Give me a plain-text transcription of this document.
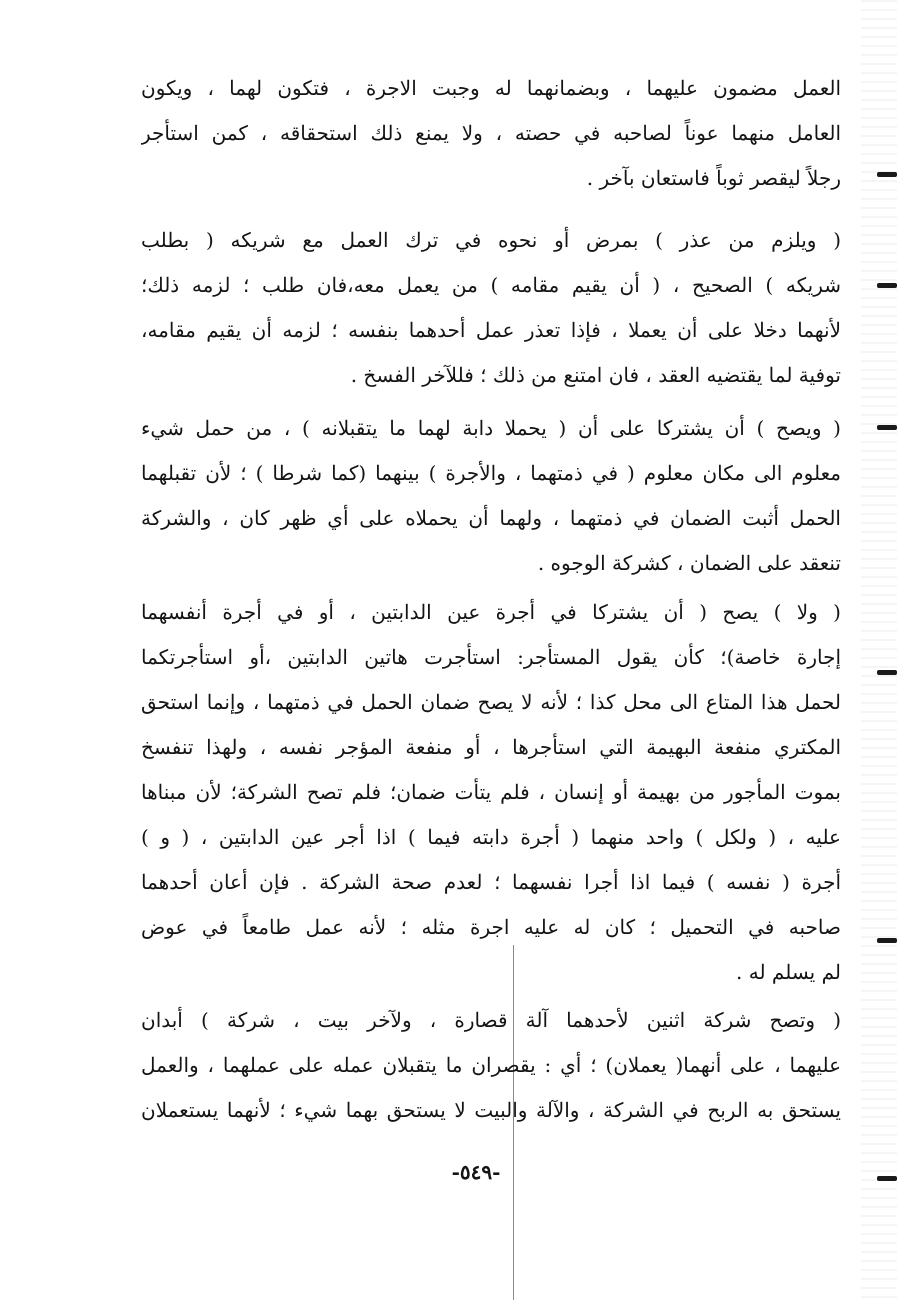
العمل مضمون عليهما ، وبضمانهما له وجبت الاجرة ، فتكون لهما ، ويكون
العامل منهما عوناً لصاحبه في حصته ، ولا يمنع ذلك استحقاقه ، كمن استأجر
رجلاً ليقصر ثوباً فاستعان بآخر .
( ويلزم من عذر ) بمرض أو نحوه في ترك العمل مع شريكه ( بطلب
شريكه ) الصحيح ، ( أن يقيم مقامه ) من يعمل معه،فان طلب ؛ لزمه ذلك؛
لأنهما دخلا على أن يعملا ، فإذا تعذر عمل أحدهما بنفسه ؛ لزمه أن يقيم مقامه،
توفية لما يقتضيه العقد ، فان امتنع من ذلك ؛ فللآخر الفسخ .
( ويصح ) أن يشتركا على أن ( يحملا دابة لهما ما يتقبلانه ) ، من حمل شيء
معلوم الى مكان معلوم ( في ذمتهما ، والأجرة ) بينهما (كما شرطا ) ؛ لأن تقبلهما
الحمل أثبت الضمان في ذمتهما ، ولهما أن يحملاه على أي ظهر كان ، والشركة
تنعقد على الضمان ، كشركة الوجوه .
( ولا ) يصح ( أن يشتركا في أجرة عين الدابتين ، أو في أجرة أنفسهما
إجارة خاصة)؛ كأن يقول المستأجر: استأجرت هاتين الدابتين ،أو استأجرتكما
لحمل هذا المتاع الى محل كذا ؛ لأنه لا يصح ضمان الحمل في ذمتهما ، وإنما استحق
المكتري منفعة البهيمة التي استأجرها ، أو منفعة المؤجر نفسه ، ولهذا تنفسخ
بموت المأجور من بهيمة أو إنسان ، فلم يتأت ضمان؛ فلم تصح الشركة؛ لأن مبناها
عليه ، ( ولكل ) واحد منهما ( أجرة دابته فيما ) اذا أجر عين الدابتين ، ( و )
أجرة ( نفسه ) فيما اذا أجرا نفسهما ؛ لعدم صحة الشركة . فإن أعان أحدهما
صاحبه في التحميل ؛ كان له عليه اجرة مثله ؛ لأنه عمل طامعاً في عوض
لم يسلم له .
( وتصح شركة اثنين لأحدهما آلة قصارة ، ولآخر بيت ، شركة ) أبدان
عليهما ، على أنهما( يعملان) ؛ أي : يقصران ما يتقبلان عمله على عملهما ، والعمل
يستحق به الربح في الشركة ، والآلة والبيت لا يستحق بهما شيء ؛ لأنهما يستعملان
-٥٤٩-
